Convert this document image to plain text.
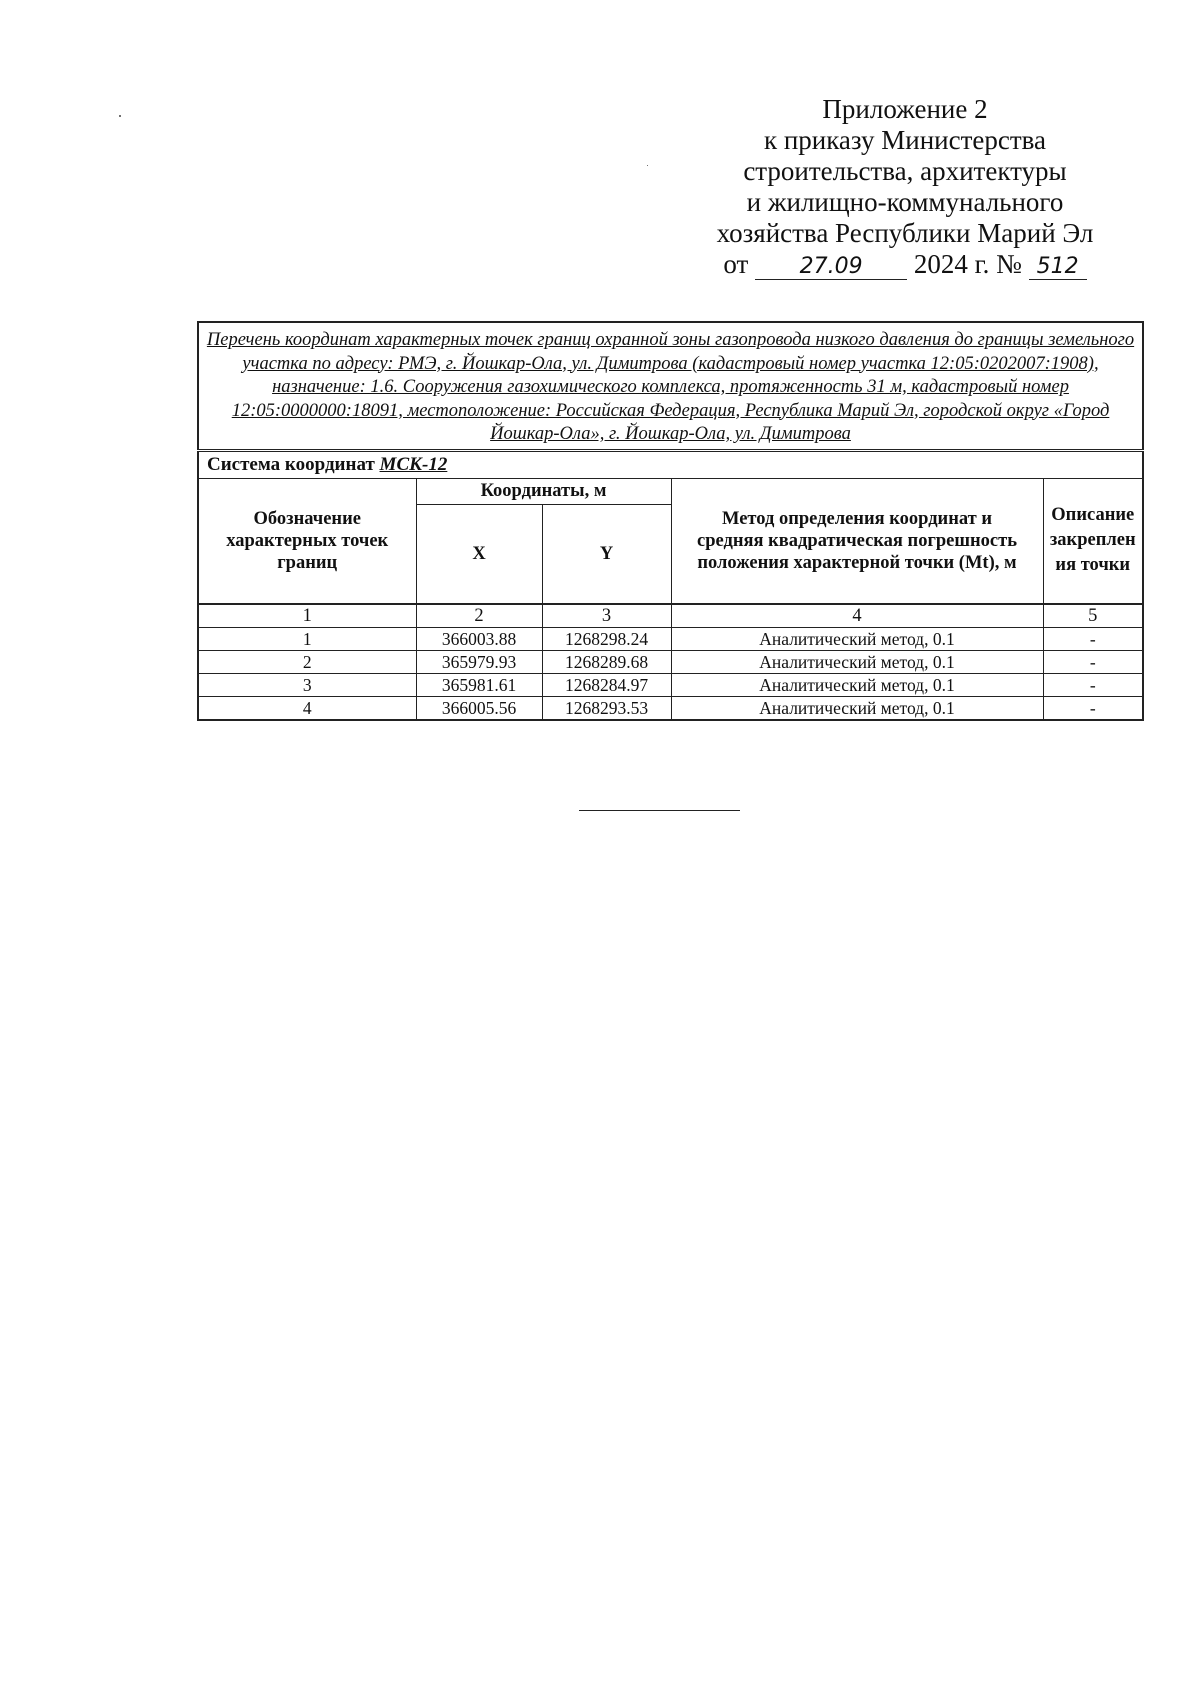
Приложение 2
к приказу Министерства
строительства, архитектуры
и жилищно-коммунального
хозяйства Республики Марий Эл
от 27.09 2024 г. № 512
Перечень координат характерных точек границ охранной зоны газопровода низкого давления до границы земельного участка по адресу: РМЭ, г. Йошкар-Ола, ул. Димитрова (кадастровый номер участка 12:05:0202007:1908), назначение: 1.6. Сооружения газохимического комплекса, протяженность 31 м, кадастровый номер 12:05:0000000:18091, местоположение: Российская Федерация, Республика Марий Эл, городской округ «Город Йошкар-Ола», г. Йошкар-Ола, ул. Димитрова				
Система координат МСК-12				
Обозначение характерных точек границ	Координаты, м		Метод определения координат и средняя квадратическая погрешность положения характерной точки (Mt), м	Описание закрепления точки
	X	Y		
1	2	3	4	5
1	366003.88	1268298.24	Аналитический метод, 0.1	-
2	365979.93	1268289.68	Аналитический метод, 0.1	-
3	365981.61	1268284.97	Аналитический метод, 0.1	-
4	366005.56	1268293.53	Аналитический метод, 0.1	-
